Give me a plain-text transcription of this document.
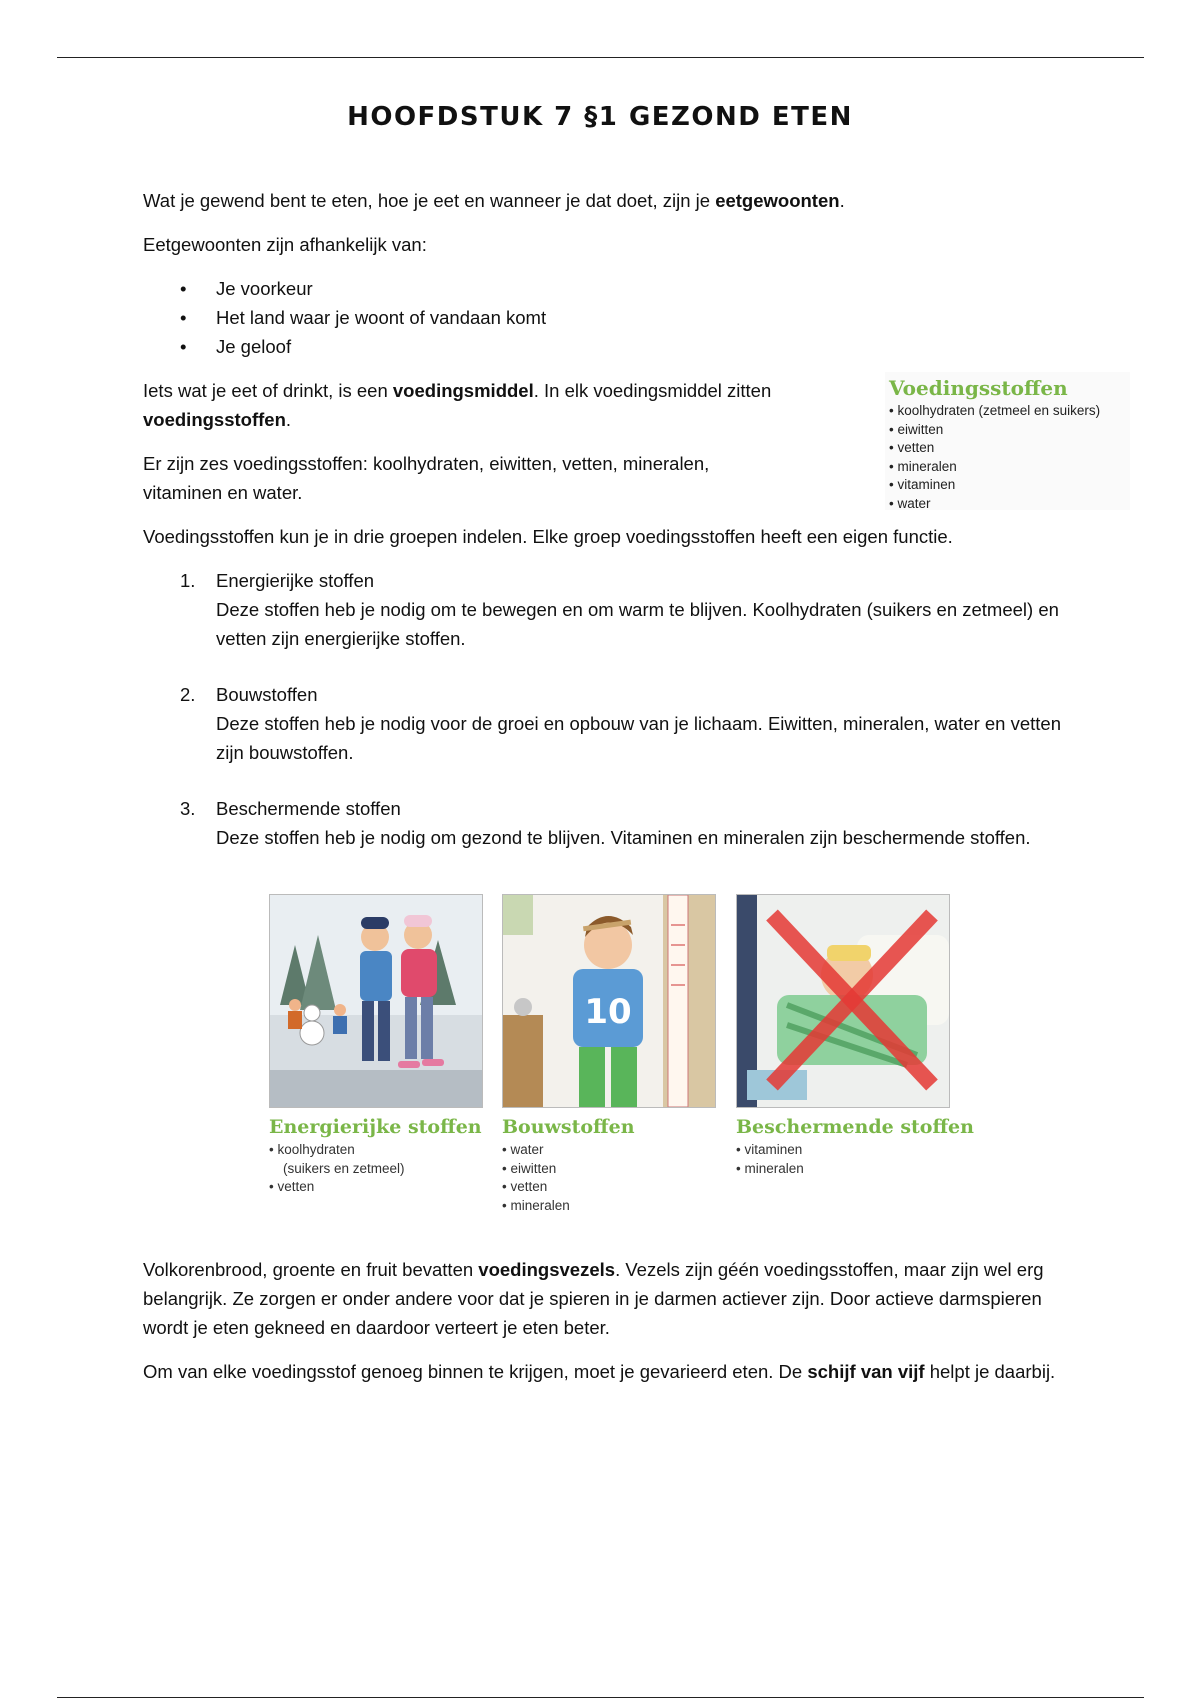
HOOFDSTUK 7 §1 GEZOND ETEN

Wat je gewend bent te eten, hoe je eet en wanneer je dat doet, zijn je eetgewoonten.

Eetgewoonten zijn afhankelijk van:

• Je voorkeur
• Het land waar je woont of vandaan komt
• Je geloof

Iets wat je eet of drinkt, is een voedingsmiddel. In elk voedingsmiddel zitten
voedingsstoffen.

Er zijn zes voedingsstoffen: koolhydraten, eiwitten, vetten, mineralen,
vitaminen en water.

Voedingsstoffen kun je in drie groepen indelen. Elke groep voedingsstoffen heeft een eigen functie.

1. Energierijke stoffen
Deze stoffen heb je nodig om te bewegen en om warm te blijven. Koolhydraten (suikers en zetmeel) en vetten zijn energierijke stoffen.
2. Bouwstoffen
Deze stoffen heb je nodig voor de groei en opbouw van je lichaam. Eiwitten, mineralen, water en vetten zijn bouwstoffen.
3. Beschermende stoffen
Deze stoffen heb je nodig om gezond te blijven. Vitaminen en mineralen zijn beschermende stoffen.
Voedingsstoffen
• koolhydraten (zetmeel en suikers)
• eiwitten
• vetten
• mineralen
• vitaminen
• water
10
Energierijke stoffen
• koolhydraten
(suikers en zetmeel)
• vetten
Bouwstoffen
• water
• eiwitten
• vetten
• mineralen
Beschermende stoffen
• vitaminen
• mineralen

Volkorenbrood, groente en fruit bevatten voedingsvezels. Vezels zijn géén voedingsstoffen, maar zijn wel erg belangrijk. Ze zorgen er onder andere voor dat je spieren in je darmen actiever zijn. Door actieve darmspieren wordt je eten gekneed en daardoor verteert je eten beter.

Om van elke voedingsstof genoeg binnen te krijgen, moet je gevarieerd eten. De schijf van vijf helpt je daarbij.
